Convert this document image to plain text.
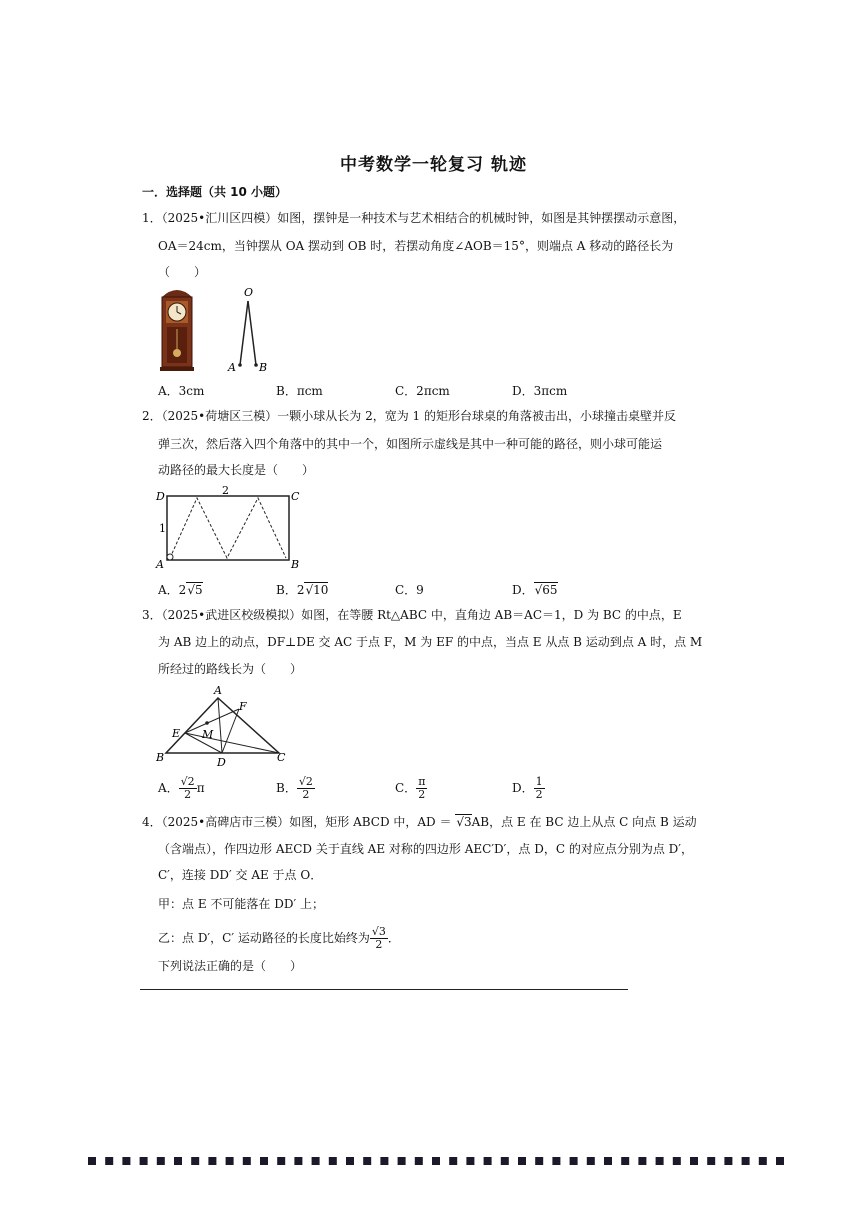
中考数学一轮复习 轨迹
一．选择题（共 10 小题）
1．（2025•汇川区四模）如图，摆钟是一种技术与艺术相结合的机械时钟，如图是其钟摆摆动示意图，
OA＝24cm，当钟摆从 OA 摆动到 OB 时，若摆动角度∠AOB＝15°，则端点 A 移动的路径长为
（　　）
O
A B
A．3cm	B．πcm	C．2πcm	D．3πcm
2．（2025•荷塘区三模）一颗小球从长为 2，宽为 1 的矩形台球桌的角落被击出，小球撞击桌壁并反
弹三次，然后落入四个角落中的其中一个，如图所示虚线是其中一种可能的路径，则小球可能运
动路径的最大长度是（　　）
D	C
A	B
2
1
A．2√5	B．2√10	C．9	D．√65
3．（2025•武进区校级模拟）如图，在等腰 Rt△ABC 中，直角边 AB＝AC＝1，D 为 BC 的中点，E
为 AB 边上的动点，DF⊥DE 交 AC 于点 F，M 为 EF 的中点，当点 E 从点 B 运动到点 A 时，点 M
所经过的路线长为（　　）
A
B	C
D
E
F
M
A． $\frac{√2}{2}$ π	B． $\frac{√2}{2}$	C． $\frac{\pi}{2}$	D． $\frac{1}{2}$
4．（2025•高碑店市三模）如图，矩形 ABCD 中，AD ＝ √3AB，点 E 在 BC 边上从点 C 向点 B 运动
（含端点），作四边形 AECD 关于直线 AE 对称的四边形 AEC′D′，点 D，C 的对应点分别为点 D′，
C′，连接 DD′ 交 AE 于点 O．
甲：点 E 不可能落在 DD′ 上；
乙：点 D′，C′ 运动路径的长度比始终为 $\frac{√3}{2}$ ．
下列说法正确的是（　　）
